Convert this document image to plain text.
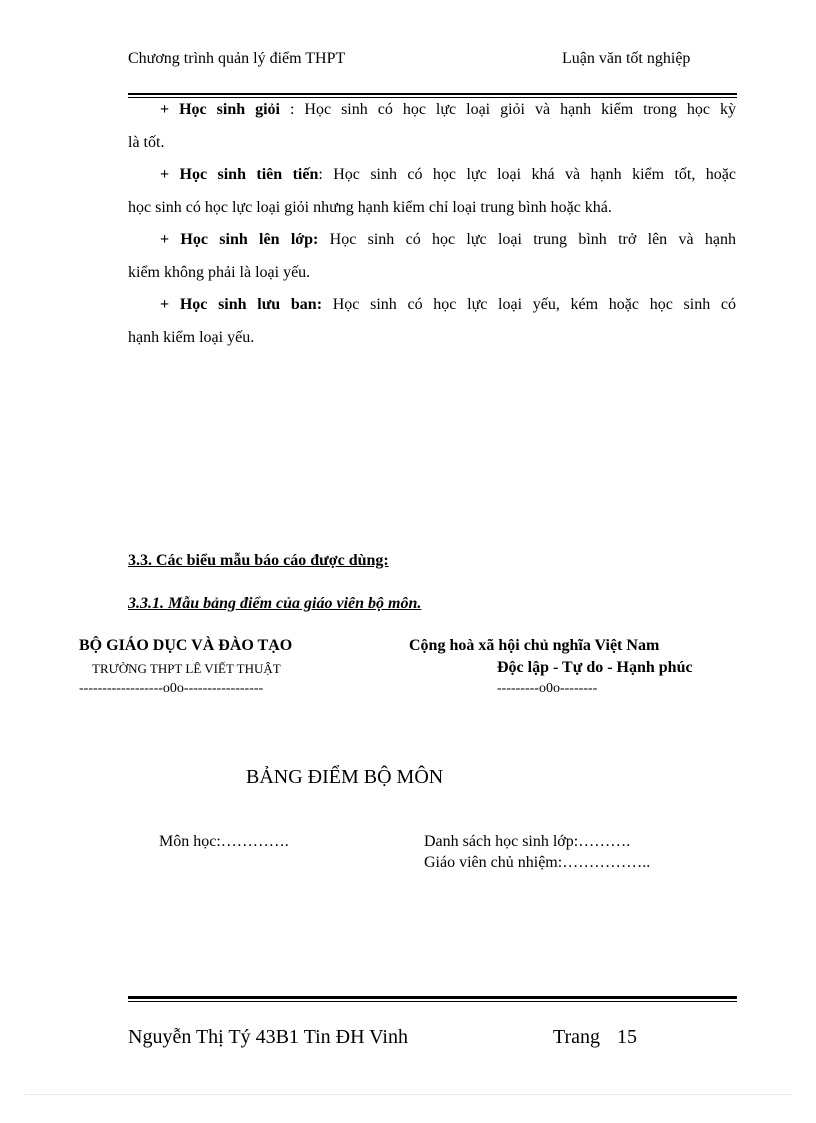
Chương trình quản lý điểm THPT	Luận văn tốt nghiệp
+ Học sinh giỏi : Học sinh có học lực loại giỏi và hạnh kiểm trong học kỳ
là tốt.
+ Học sinh tiên tiến: Học sinh có học lực loại khá và hạnh kiểm tốt, hoặc
học sinh có học lực loại giỏi nhưng hạnh kiểm chỉ loại trung bình hoặc khá.
+ Học sinh lên lớp: Học sinh có học lực loại trung bình trở lên và hạnh
kiểm không phải là loại yếu.
+ Học sinh lưu ban: Học sinh có học lực loại yếu, kém hoặc học sinh có
hạnh kiểm loại yếu.
3.3. Các biểu mẫu báo cáo được dùng:
3.3.1. Mẫu bảng điểm của giáo viên bộ môn.
BỘ GIÁO DỤC VÀ ĐÀO TẠO
TRƯỜNG THPT LÊ VIẾT THUẬT
------------------o0o-----------------
Cộng hoà xã hội chủ nghĩa Việt Nam
Độc lập - Tự do - Hạnh phúc
---------o0o--------
BẢNG ĐIỂM BỘ MÔN
Môn học:………….	Danh sách học sinh lớp:……….
Giáo viên chủ nhiệm:……………..
Nguyễn Thị Tý 43B1 Tin ĐH Vinh	Trang 15
